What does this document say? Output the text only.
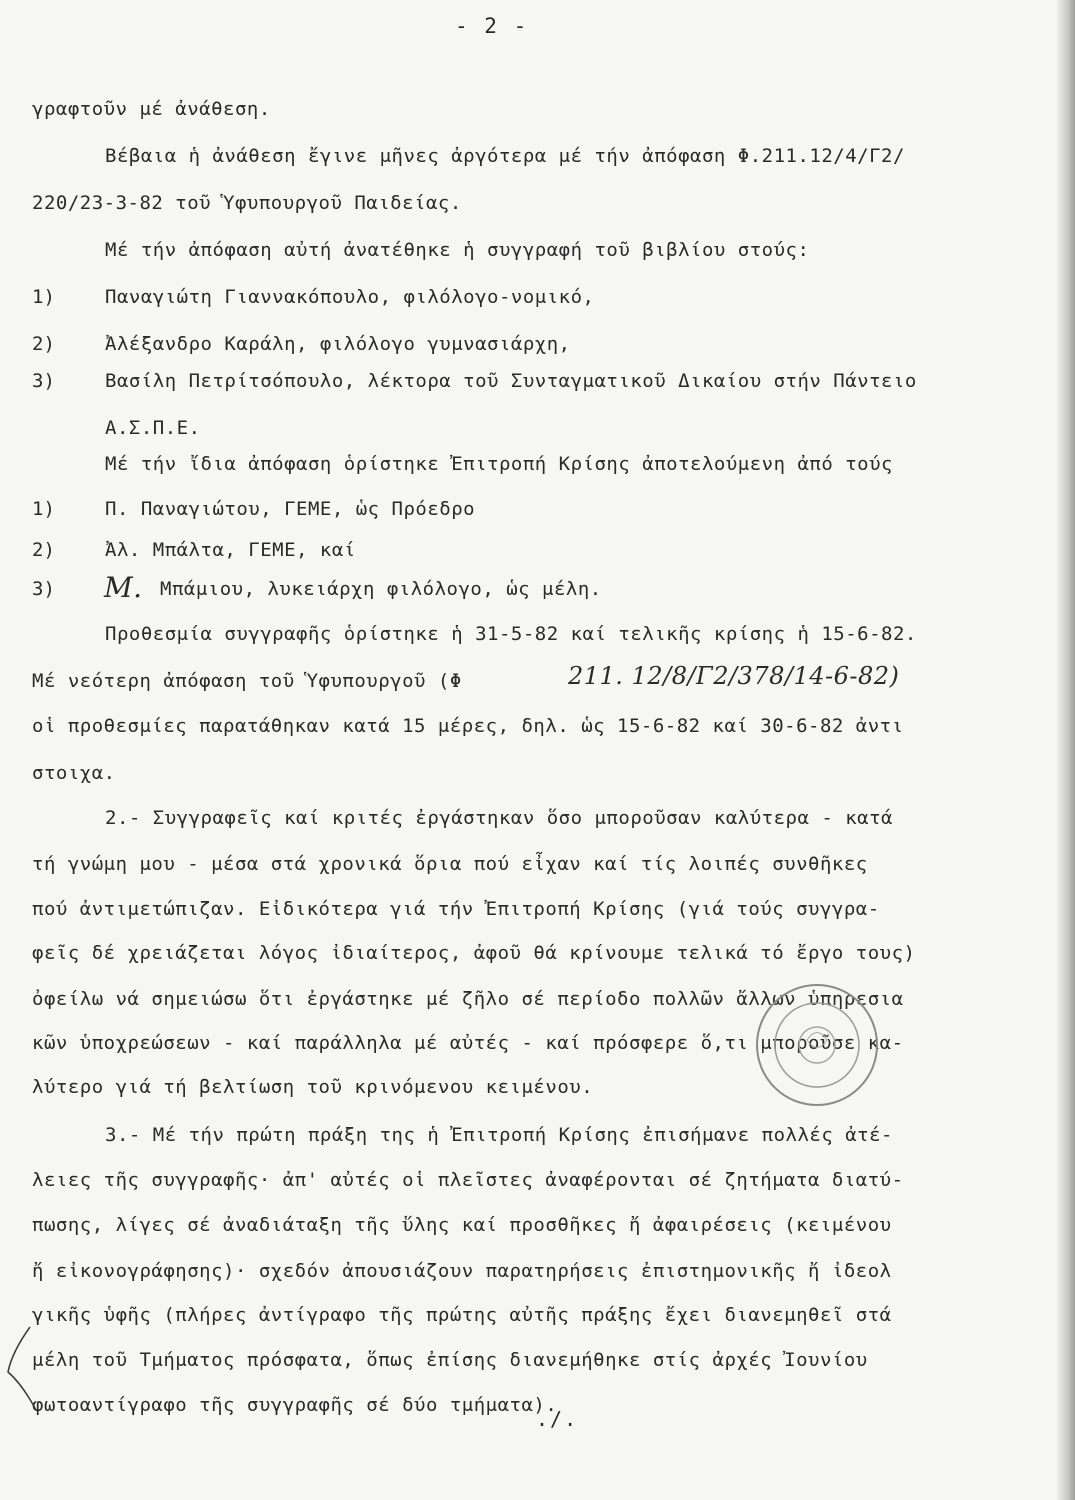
- 2 -
γραφτοῦν μέ ἀνάθεση.
Βέβαια ἡ ἀνάθεση ἔγινε μῆνες ἀργότερα μέ τήν ἀπόφαση Φ.211.12/4/Γ2/
220/23-3-82 τοῦ Ὑφυπουργοῦ Παιδείας.
Μέ τήν ἀπόφαση αὐτή ἀνατέθηκε ἡ συγγραφή τοῦ βιβλίου στούς:
1)	Παναγιώτη Γιαννακόπουλο, φιλόλογο-νομικό,
2)	Ἀλέξανδρο Καράλη, φιλόλογο γυμνασιάρχη,
3)	Βασίλη Πετρίτσόπουλο, λέκτορα τοῦ Συνταγματικοῦ Δικαίου στήν Πάντειο
Α.Σ.Π.Ε.
Μέ τήν ἴδια ἀπόφαση ὁρίστηκε Ἐπιτροπή Κρίσης ἀποτελούμενη ἀπό τούς
1)	Π. Παναγιώτου, ΓΕΜΕ, ὡς Πρόεδρο
2)	Ἀλ. Μπάλτα, ΓΕΜΕ, καί
3) Μ. Μπάμιου, λυκειάρχη φιλόλογο, ὡς μέλη.
Προθεσμία συγγραφῆς ὁρίστηκε ἡ 31-5-82 καί τελικῆς κρίσης ἡ 15-6-82.
Μέ νεότερη ἀπόφαση τοῦ Ὑφυπουργοῦ (Φ	211. 12/8/Γ2/378/14-6-82)
οἱ προθεσμίες παρατάθηκαν κατά 15 μέρες, δηλ. ὡς 15-6-82 καί 30-6-82 ἀντι
στοιχα.
2.- Συγγραφεῖς καί κριτές ἐργάστηκαν ὅσο μποροῦσαν καλύτερα - κατά
τή γνώμη μου - μέσα στά χρονικά ὅρια πού εἶχαν καί τίς λοιπές συνθῆκες
πού ἀντιμετώπιζαν. Εἰδικότερα γιά τήν Ἐπιτροπή Κρίσης (γιά τούς συγγρα-
φεῖς δέ χρειάζεται λόγος ἰδιαίτερος, ἀφοῦ θά κρίνουμε τελικά τό ἔργο τους)
ὀφείλω νά σημειώσω ὅτι ἐργάστηκε μέ ζῆλο σέ περίοδο πολλῶν ἄλλων ὑπηρεσια
κῶν ὑποχρεώσεων - καί παράλληλα μέ αὐτές - καί πρόσφερε ὅ,τι μποροῦσε κα-
λύτερο γιά τή βελτίωση τοῦ κρινόμενου κειμένου.
3.- Μέ τήν πρώτη πράξη της ἡ Ἐπιτροπή Κρίσης ἐπισήμανε πολλές ἀτέ-
λειες τῆς συγγραφῆς· ἀπ' αὐτές οἱ πλεῖστες ἀναφέρονται σέ ζητήματα διατύ-
πωσης, λίγες σέ ἀναδιάταξη τῆς ὕλης καί προσθῆκες ἤ ἀφαιρέσεις (κειμένου
ἤ εἰκονογράφησης)· σχεδόν ἀπουσιάζουν παρατηρήσεις ἐπιστημονικῆς ἤ ἰδεολ
γικῆς ὑφῆς (πλήρες ἀντίγραφο τῆς πρώτης αὐτῆς πράξης ἔχει διανεμηθεῖ στά
μέλη τοῦ Τμήματος πρόσφατα, ὅπως ἐπίσης διανεμήθηκε στίς ἀρχές Ἰουνίου
φωτοαντίγραφο τῆς συγγραφῆς σέ δύο τμήματα).
./.
